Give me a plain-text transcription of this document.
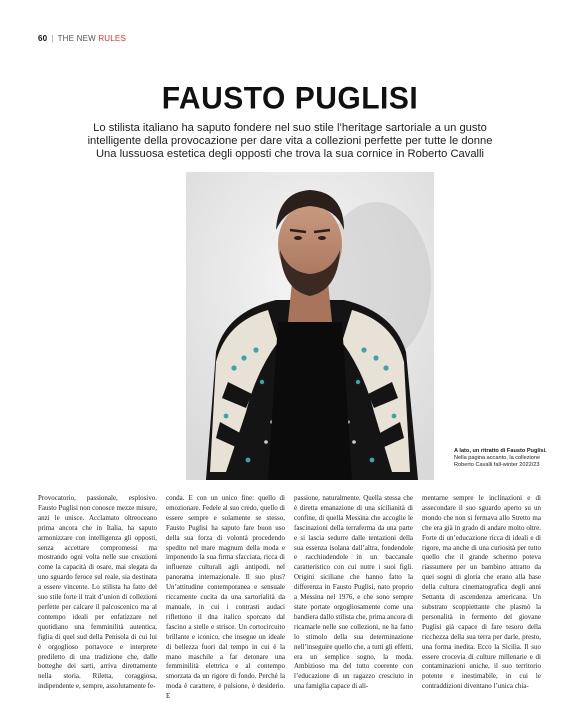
60 | THE NEW
RULES
FAUSTO PUGLISI
Lo stilista italiano ha saputo fondere nel suo stile l’heritage sartoriale a un gusto
intelligente della provocazione per dare vita a collezioni perfette per tutte le donne
Una lussuosa estetica degli opposti che trova la sua cornice in Roberto Cavalli
A lato, un ritratto di Fausto Puglisi.
Nella pagina accanto, la collezione
Roberto Cavalli fall-winter 2022/23
Provocatorio, passionale, esplosivo. Fausto Puglisi non conosce mezze misure, anzi le unisce. Acclamato oltreoceano prima ancora che in Italia, ha saputo armonizzare con intelligenza gli opposti, senza accettare compromessi ma mostrando ogni volta nelle sue creazioni come la capacità di osare, mai slegata da uno sguardo feroce sul reale, sia destinata a essere vincente. Lo stilista ha fatto del suo stile forte il trait d’union di collezioni perfette per calcare il palcoscenico ma al contempo ideali per enfatizzare nel quotidiano una femminilità autentica, figlia di quel sud della Penisola di cui lui è orgoglioso portavoce e interprete prediletto di una tradizione che, dalle botteghe dei sarti, arriva direttamente nella storia. Riletta, coraggiosa, indipendente e, sempre, assolutamente fe-
conda. E con un unico fine: quello di emozionare. Fedele al suo credo, quello di essere sempre e solamente se stesso, Fausto Puglisi ha saputo fare buon uso della sua forza di volontà procedendo spedito nel mare magnum della moda e imponendo la sua firma sfacciata, ricca di influenze culturali agli antipodi, nel panorama internazionale. Il suo plus? Un’attitudine contemporanea e sensuale riccamente cucita da una sartorialità da manuale, in cui i contrasti audaci riflettono il dna italico sporcato dal fascino a stelle e strisce. Un cortocircuito brillante e iconico, che insegue un ideale di bellezza fuori dal tempo in cui è la mano maschile a far detonare una femminilità elettrica e al contempo smorzata da un rigore di fondo. Perché la moda è carattere, è pulsione, è desiderio. E
passione, naturalmente. Quella stessa che è diretta emanazione di una sicilianità di confine, di quella Messina che accoglie le fascinazioni della terraferma da una parte e si lascia sedurre dalle tentazioni della sua essenza isolana dall’altra, fondendole e racchiudendole in un baccanale caratteristico con cui nutre i suoi figli. Origini siciliane che hanno fatto la differenza in Fausto Puglisi, nato proprio a Messina nel 1976, e che sono sempre state portate orgogliosamente come una bandiera dallo stilista che, prima ancora di ricamarle nelle sue collezioni, ne ha fatto lo stimolo della sua determinazione nell’inseguire quello che, a tutti gli effetti, era un semplice sogno, la moda. Ambizioso ma del tutto coerente con l’educazione di un ragazzo cresciuto in una famiglia capace di ali-
mentarne sempre le inclinazioni e di assecondare il suo sguardo aperto su un mondo che non si fermava allo Stretto ma che era già in grado di andare molto oltre. Forte di un’educazione ricca di ideali e di rigore, ma anche di una curiosità per tutto quello che il grande schermo poteva riassumere per un bambino attratto da quei sogni di gloria che erano alla base della cultura cinematografica degli anni Settanta di ascendenza americana. Un substrato scoppiettante che plasmò la personalità in fermento del giovane Puglisi già capace di fare tesoro della ricchezza della sua terra per darle, presto, una forma inedita. Ecco la Sicilia. Il suo essere crocevia di culture millenarie e di contaminazioni uniche, il suo territorio potente e inestimabile, in cui le contraddizioni diventano l’unica chia-
